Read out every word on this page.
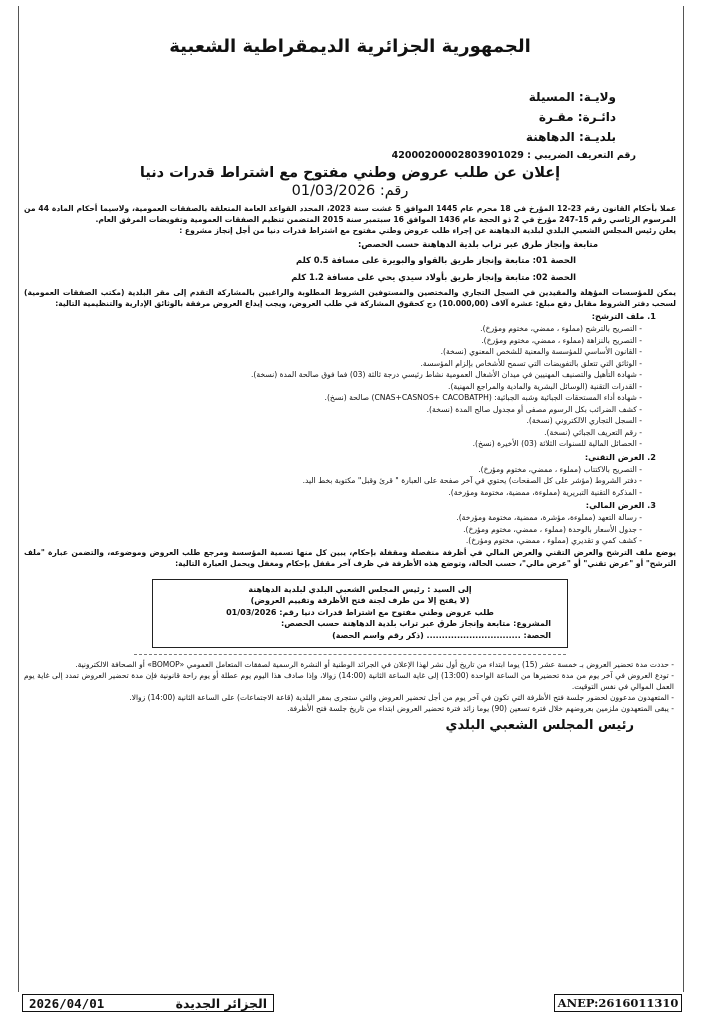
الجمهورية الجزائرية الديمقراطية الشعبية
ولايـة: المسيلة
دائـرة: مقـرة
بلديـة: الدهاهنة
رقم التعريف الضريبي : 42000200002803901029
إعلان عن طلب عروض وطني مفتوح مع اشتراط قدرات دنيا
رقم: 01/03/2026

عملا بأحكام القانون رقم 23-12 المؤرخ في 18 محرم عام 1445 الموافق 5 غشت سنة 2023، المحدد القواعد العامة المتعلقة بالصفقات العمومية، ولاسيما أحكام المادة 44 من المرسوم الرئاسي رقم 15-247 مؤرخ في 2 ذو الحجة عام 1436 الموافق 16 سبتمبر سنة 2015 المتضمن تنظيم الصفقات العمومية وتفويضات المرفق العام.

يعلن رئيس المجلس الشعبي البلدي لبلدية الدهاهنة عن إجراء طلب عروض وطني مفتوح مع اشتراط قدرات دنيا من أجل إنجاز مشروع :

متابعة وإنجاز طرق عبر تراب بلدية الدهاهنة حسب الحصص:

الحصة 01: متابعة وإنجاز طريق بالقواو والبويرة على مسافة 0.5 كلم

الحصة 02: متابعة وإنجاز طريق بأولاد سيدي يحي على مسافة 1.2 كلم

يمكن للمؤسسات المؤهلة والمقيدين في السجل التجاري والمختصين والمستوفين الشروط المطلوبة والراغبين بالمشاركة التقدم إلى مقر البلدية (مكتب الصفقات العمومية) لسحب دفتر الشروط مقابل دفع مبلغ: عشرة آلاف (10.000,00) دج كحقوق المشاركة في طلب العروض، ويجب إيداع العروض مرفقة بالوثائق الإدارية والتنظيمية التالية:

1. ملف الترشح:
- التصريح بالترشح (مملوء ، ممضي، مختوم ومؤرخ).
- التصريح بالنزاهة (مملوء ، ممضي، مختوم ومؤرخ).
- القانون الأساسي للمؤسسة والمعنية للشخص المعنوي (نسخة).
- الوثائق التي تتعلق بالتفويضات التي تسمح للأشخاص بإلزام المؤسسة.
- شهادة التأهيل والتصنيف المهنيين في ميدان الأشغال العمومية نشاط رئيسي درجة ثالثة (03) فما فوق صالحة المدة (نسخة).
- القدرات التقنية (الوسائل البشرية والمادية والمراجع المهنية).
- شهادة أداء المستحقات الجبائية وشبه الجبائية: (CNAS+CASNOS+ CACOBATPH) صالحة (نسخ).
- كشف الضرائب بكل الرسوم مصفى أو مجدول صالح المدة (نسخة).
- السجل التجاري الالكتروني (نسخة).
- رقم التعريف الجبائي (نسخة).
- الحصائل المالية للسنوات الثلاثة (03) الأخيرة (نسخ).
2. العرض التقني:
- التصريح بالاكتتاب (مملوء ، ممضي، مختوم ومؤرخ).
- دفتر الشروط (مؤشر على كل الصفحات) يحتوي في آخر صفحة على العبارة " قرئ وقبل" مكتوبة بخط اليد.
- المذكرة التقنية التبريرية (مملوءة، ممضية، مختومة ومؤرخة).
3. العرض المالي:
- رسالة التعهد (مملوءة، مؤشرة، ممضية، مختومة ومؤرخة).
- جدول الأسعار بالوحدة (مملوء ، ممضي، مختوم ومؤرخ).
- كشف كمي و تقديري (مملوء ، ممضي، مختوم ومؤرخ).

يوضع ملف الترشح والعرض التقني والعرض المالي في أظرفة منفصلة ومقفلة بإحكام، يبين كل منها تسمية المؤسسة ومرجع طلب العروض وموضوعه، والتضمن عبارة "ملف الترشح" أو "عرض تقني" أو "عرض مالي"، حسب الحالة، وتوضع هذه الأظرفة في ظرف آخر مقفل بإحكام ومغفل ويحمل العبارة التالية:

إلى السيد : رئيس المجلس الشعبي البلدي لبلدية الدهاهنة
(لا يفتح إلا من طرف لجنة فتح الأظرفة وتقييم العروض)
طلب عروض وطني مفتوح مع اشتراط قدرات دنيا رقم: 01/03/2026
المشروع: متابعة وإنجاز طرق عبر تراب بلدية الدهاهنة حسب الحصص:
الحصة: ............................... (ذكر رقم واسم الحصة)
- حددت مدة تحضير العروض بـ خمسة عشر (15) يوما ابتداء من تاريخ أول نشر لهذا الإعلان في الجرائد الوطنية أو النشرة الرسمية لصفقات المتعامل العمومي «BOMOP» أو الصحافة الالكترونية.
- تودع العروض في آخر يوم من مدة تحضيرها من الساعة الواحدة (13:00) إلى غاية الساعة الثانية (14:00) زوالا، وإذا صادف هذا اليوم يوم عطلة أو يوم راحة قانونية فإن مدة تحضير العروض تمدد إلى غاية يوم العمل الموالي في نفس التوقيت.
- المتعهدون مدعوون لحضور جلسة فتح الأظرفة التي تكون في آخر يوم من أجل تحضير العروض والتي ستجرى بمقر البلدية (قاعة الاجتماعات) على الساعة الثانية (14:00) زوالا.
- يبقى المتعهدون ملزمين بعروضهم خلال فترة تسعين (90) يوما زائد فترة تحضير العروض ابتداء من تاريخ جلسة فتح الأظرفة.
رئيس المجلس الشعبي البلدي
2026/04/01	الجزائر الجديدة	ANEP:2616011310
